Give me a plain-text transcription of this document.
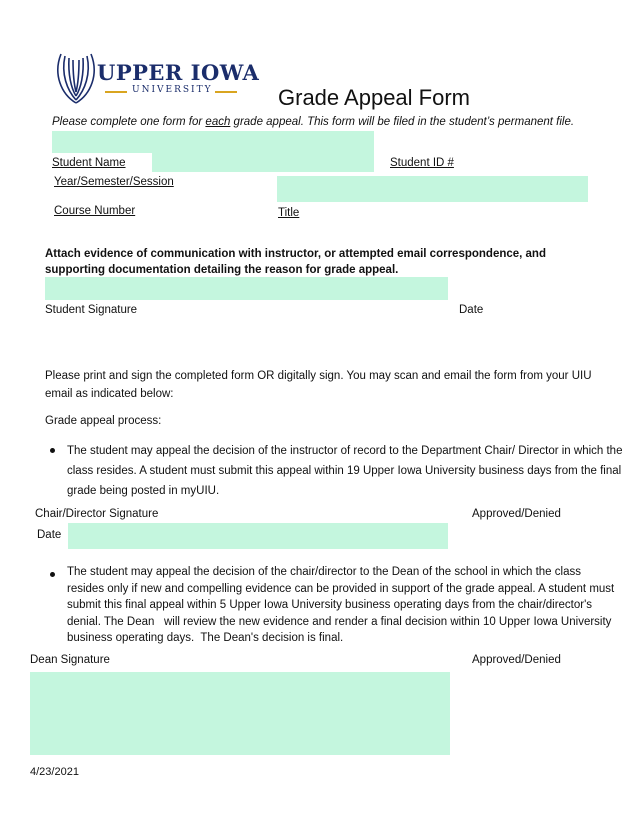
UPPER IOWA
UNIVERSITY	Grade Appeal Form
Please complete one form for each grade appeal. This form will be filed in the student’s permanent file.
Student Name	Student ID #
Year/Semester/Session
Course Number	Title
Attach evidence of communication with instructor, or attempted email correspondence, and supporting documentation detailing the reason for grade appeal.
Student Signature	Date
Please print and sign the completed form OR digitally sign. You may scan and email the form from your UIU email as indicated below:
Grade appeal process:
The student may appeal the decision of the instructor of record to the Department Chair/ Director in which the class resides. A student must submit this appeal within 19 Upper Iowa University business days from the final grade being posted in myUIU.
Chair/Director Signature	Approved/Denied
Date
The student may appeal the decision of the chair/director to the Dean of the school in which the class resides only if new and compelling evidence can be provided in support of the grade appeal. A student must submit this final appeal within 5 Upper Iowa University business operating days from the chair/director's denial. The Dean   will review the new evidence and render a final decision within 10 Upper Iowa University business operating days.  The Dean's decision is final.
Dean Signature	Approved/Denied
4/23/2021
